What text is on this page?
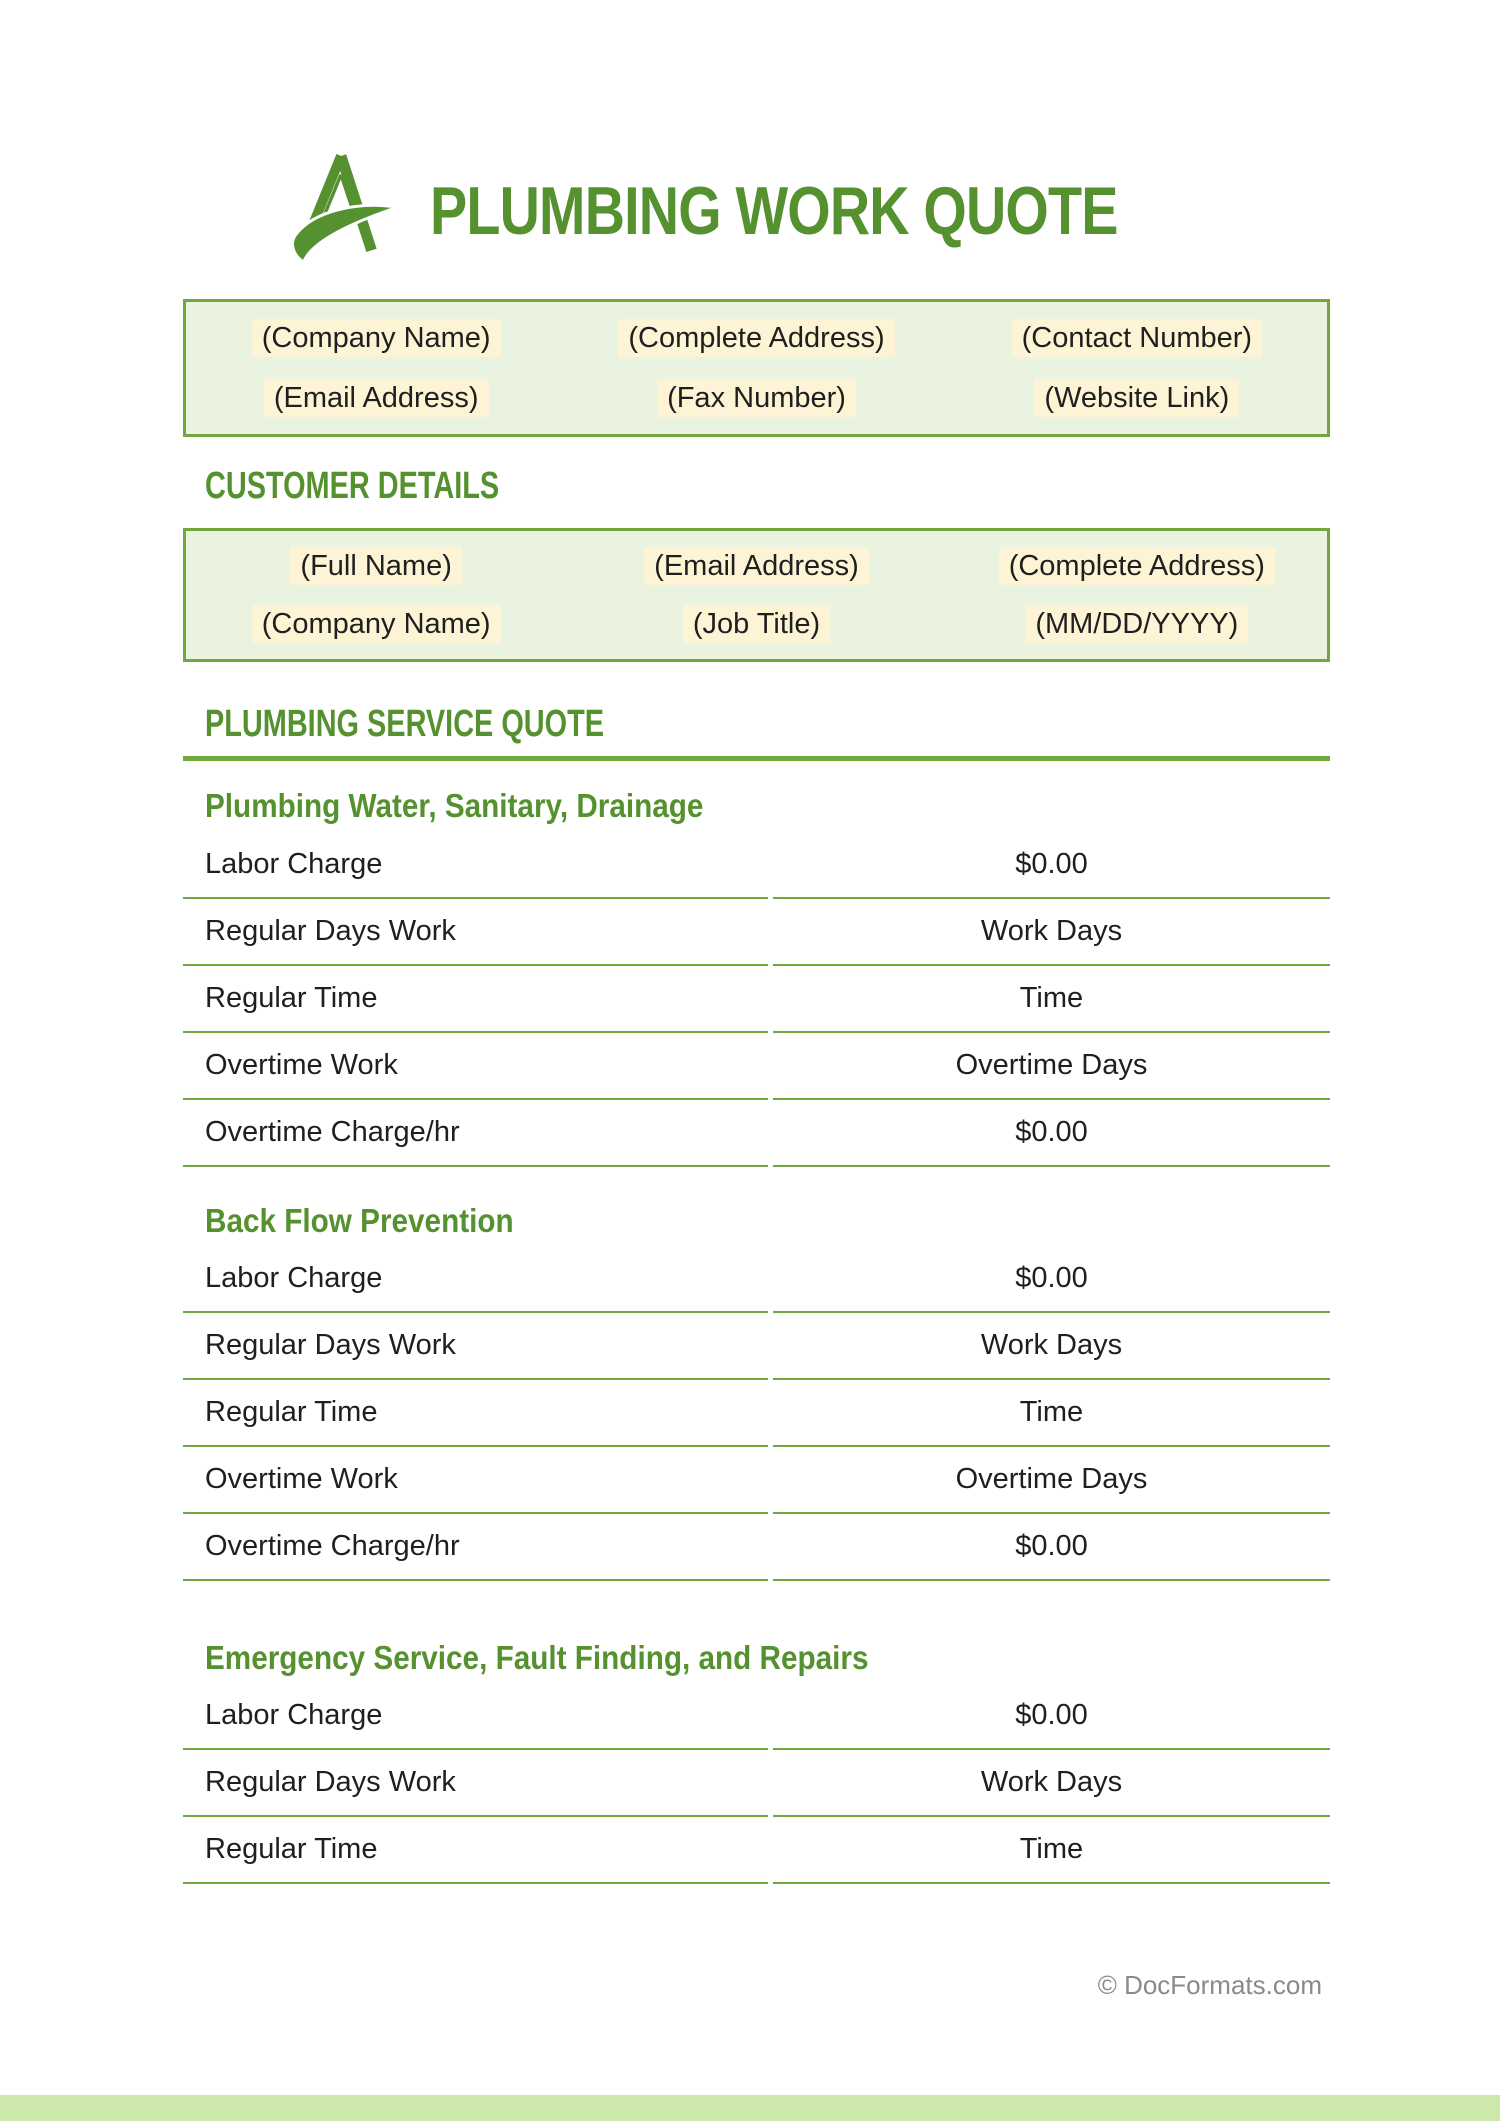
PLUMBING WORK QUOTE
(Company Name)	(Complete Address)	(Contact Number)
(Email Address)	(Fax Number)	(Website Link)
CUSTOMER DETAILS
(Full Name)	(Email Address)	(Complete Address)
(Company Name)	(Job Title)	(MM/DD/YYYY)
PLUMBING SERVICE QUOTE
Plumbing Water, Sanitary, Drainage
Labor Charge	$0.00
Regular Days Work	Work Days
Regular Time	Time
Overtime Work	Overtime Days
Overtime Charge/hr	$0.00
Back Flow Prevention
Labor Charge	$0.00
Regular Days Work	Work Days
Regular Time	Time
Overtime Work	Overtime Days
Overtime Charge/hr	$0.00
Emergency Service, Fault Finding, and Repairs
Labor Charge	$0.00
Regular Days Work	Work Days
Regular Time	Time
© DocFormats.com
